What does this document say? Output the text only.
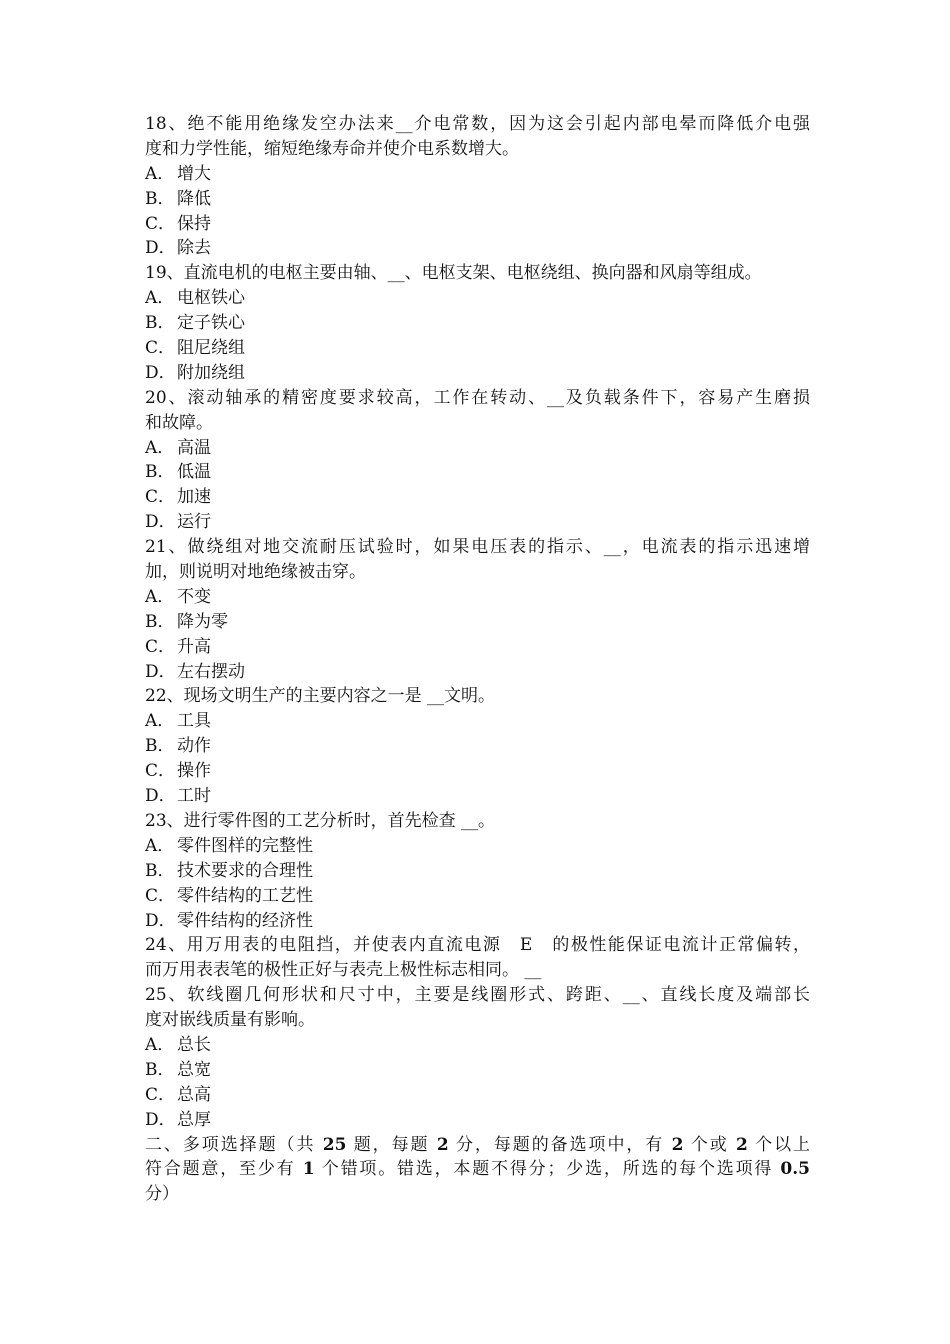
18、绝不能用绝缘发空办法来__介电常数，因为这会引起内部电晕而降低介电强
度和力学性能，缩短绝缘寿命并使介电系数增大。
A． 增大
B． 降低
C． 保持
D．除去
19、直流电机的电枢主要由轴、__、电枢支架、电枢绕组、换向器和风扇等组成。
A． 电枢铁心
B． 定子铁心
C． 阻尼绕组
D．附加绕组
20、滚动轴承的精密度要求较高，工作在转动、__及负载条件下，容易产生磨损
和故障。
A． 高温
B． 低温
C． 加速
D．运行
21、做绕组对地交流耐压试验时，如果电压表的指示、__，电流表的指示迅速增
加，则说明对地绝缘被击穿。
A． 不变
B． 降为零
C． 升高
D．左右摆动
22、现场文明生产的主要内容之一是 __文明。
A． 工具
B． 动作
C． 操作
D．工时
23、进行零件图的工艺分析时，首先检查 __。
A． 零件图样的完整性
B． 技术要求的合理性
C． 零件结构的工艺性
D．零件结构的经济性
24、用万用表的电阻挡，并使表内直流电源　E　的极性能保证电流计正常偏转，
而万用表表笔的极性正好与表壳上极性标志相同。 __
25、软线圈几何形状和尺寸中，主要是线圈形式、跨距、__、直线长度及端部长
度对嵌线质量有影响。
A． 总长
B． 总宽
C． 总高
D．总厚
二、多项选择题（共 25 题，每题 2 分，每题的备选项中，有 2 个或 2 个以上
符合题意，至少有 1 个错项。错选，本题不得分；少选，所选的每个选项得 0.5
分）
